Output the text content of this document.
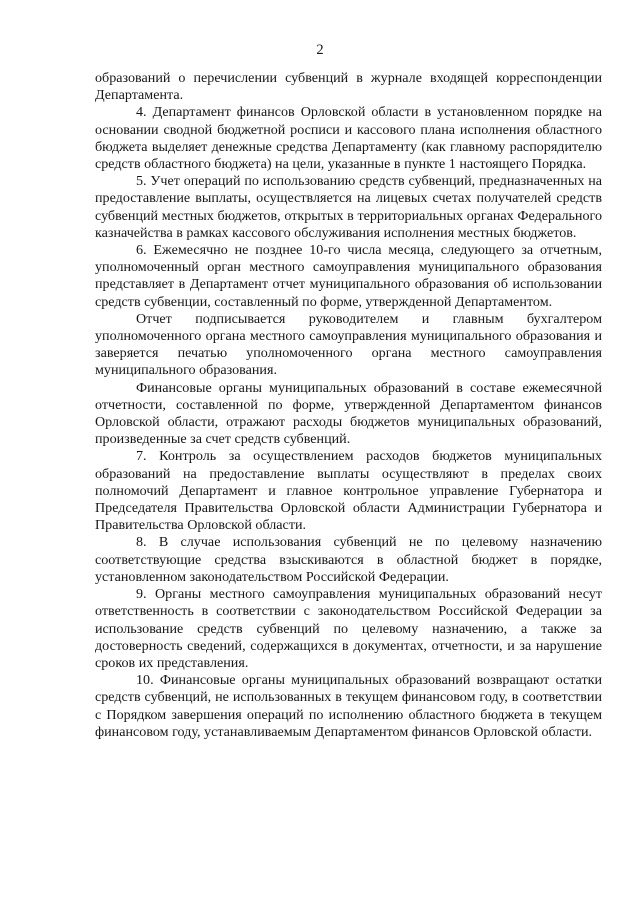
2

образований о перечислении субвенций в журнале входящей корреспонденции Департамента.

4. Департамент финансов Орловской области в установленном порядке на основании сводной бюджетной росписи и кассового плана исполнения областного бюджета выделяет денежные средства Департаменту (как главному распорядителю средств областного бюджета) на цели, указанные в пункте 1 настоящего Порядка.

5. Учет операций по использованию средств субвенций, предназначенных на предоставление выплаты, осуществляется на лицевых счетах получателей средств субвенций местных бюджетов, открытых в территориальных органах Федерального казначейства в рамках кассового обслуживания исполнения местных бюджетов.

6. Ежемесячно не позднее 10-го числа месяца, следующего за отчетным, уполномоченный орган местного самоуправления муниципального образования представляет в Департамент отчет муниципального образования об использовании средств субвенции, составленный по форме, утвержденной Департаментом.

Отчет подписывается руководителем и главным бухгалтером уполномоченного органа местного самоуправления муниципального образования и заверяется печатью уполномоченного органа местного самоуправления муниципального образования.

Финансовые органы муниципальных образований в составе ежемесячной отчетности, составленной по форме, утвержденной Департаментом финансов Орловской области, отражают расходы бюджетов муниципальных образований, произведенные за счет средств субвенций.

7. Контроль за осуществлением расходов бюджетов муниципальных образований на предоставление выплаты осуществляют в пределах своих полномочий Департамент и главное контрольное управление Губернатора и Председателя Правительства Орловской области Администрации Губернатора и Правительства Орловской области.

8. В случае использования субвенций не по целевому назначению соответствующие средства взыскиваются в областной бюджет в порядке, установленном законодательством Российской Федерации.

9. Органы местного самоуправления муниципальных образований несут ответственность в соответствии с законодательством Российской Федерации за использование средств субвенций по целевому назначению, а также за достоверность сведений, содержащихся в документах, отчетности, и за нарушение сроков их представления.

10. Финансовые органы муниципальных образований возвращают остатки средств субвенций, не использованных в текущем финансовом году, в соответствии с Порядком завершения операций по исполнению областного бюджета в текущем финансовом году, устанавливаемым Департаментом финансов Орловской области.
